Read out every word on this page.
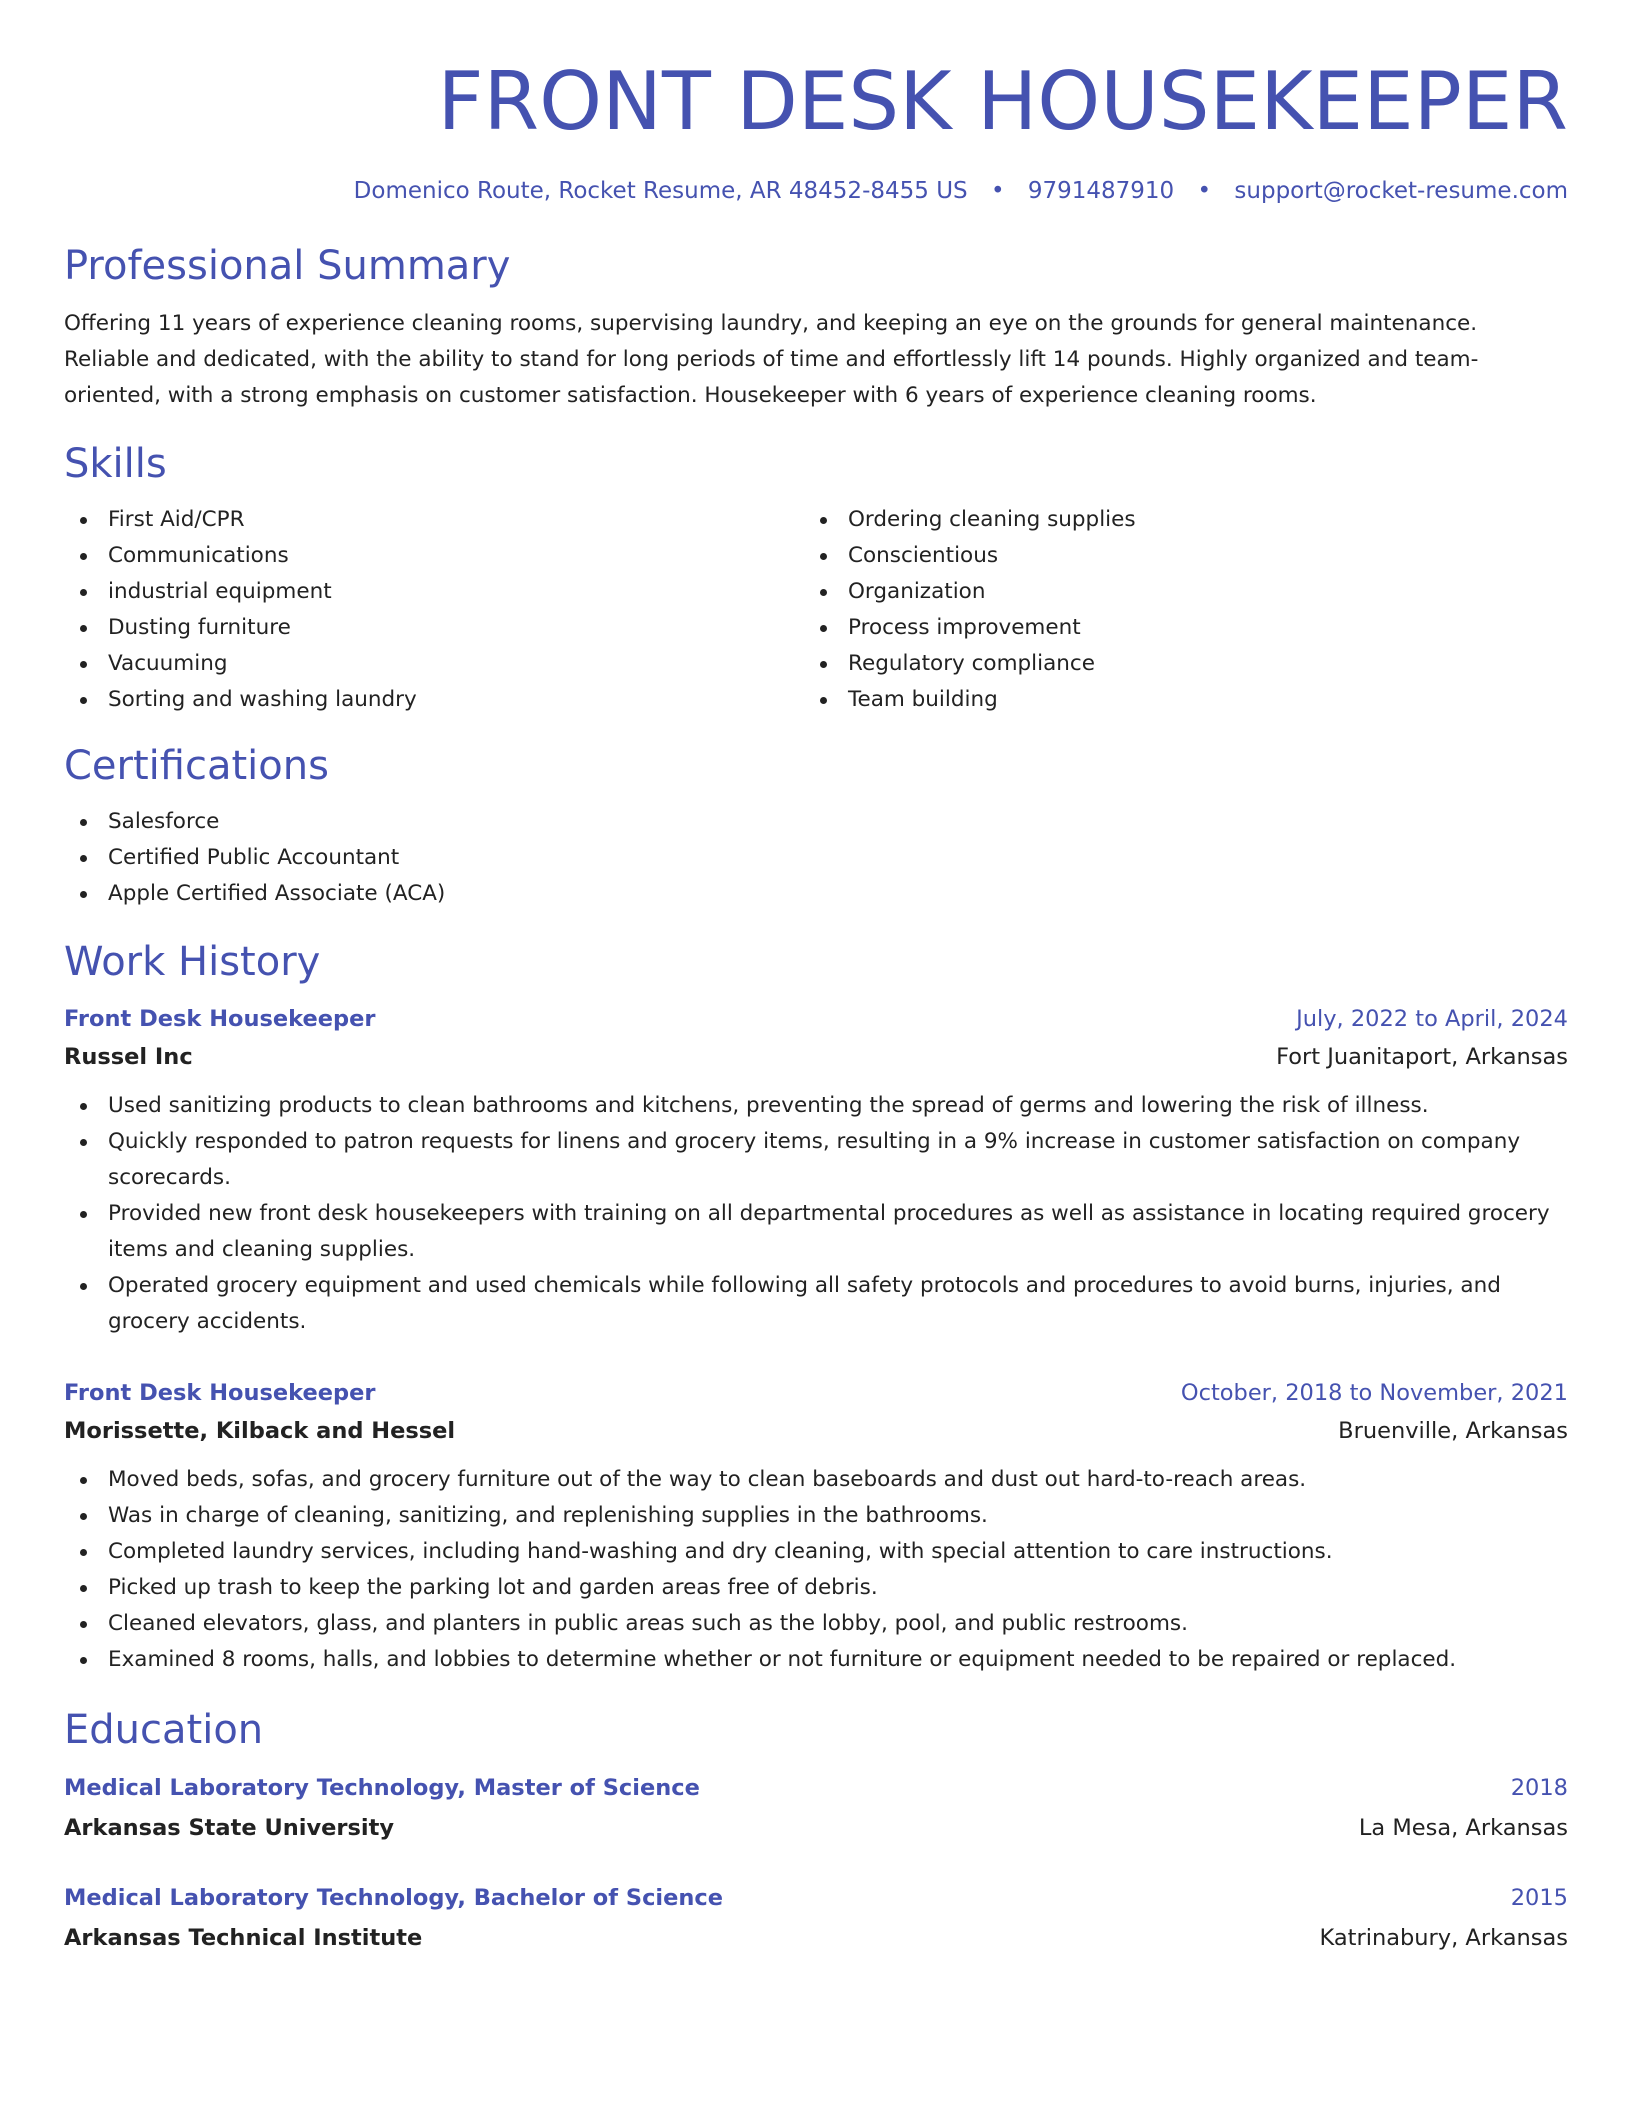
FRONT DESK HOUSEKEEPER
Domenico Route, Rocket Resume, AR 48452-8455 US • 9791487910 • support@rocket-resume.com
Professional Summary

Offering 11 years of experience cleaning rooms, supervising laundry, and keeping an eye on the grounds for general maintenance. Reliable and dedicated, with the ability to stand for long periods of time and effortlessly lift 14 pounds. Highly organized and team-oriented, with a strong emphasis on customer satisfaction. Housekeeper with 6 years of experience cleaning rooms.

Skills
First Aid/CPR
Communications
industrial equipment
Dusting furniture
Vacuuming
Sorting and washing laundry
Ordering cleaning supplies
Conscientious
Organization
Process improvement
Regulatory compliance
Team building
Certifications
Salesforce
Certified Public Accountant
Apple Certified Associate (ACA)
Work History
Front Desk Housekeeper	July, 2022 to April, 2024
Russel Inc	Fort Juanitaport, Arkansas
Used sanitizing products to clean bathrooms and kitchens, preventing the spread of germs and lowering the risk of illness.
Quickly responded to patron requests for linens and grocery items, resulting in a 9% increase in customer satisfaction on company scorecards.
Provided new front desk housekeepers with training on all departmental procedures as well as assistance in locating required grocery items and cleaning supplies.
Operated grocery equipment and used chemicals while following all safety protocols and procedures to avoid burns, injuries, and grocery accidents.
Front Desk Housekeeper	October, 2018 to November, 2021
Morissette, Kilback and Hessel	Bruenville, Arkansas
Moved beds, sofas, and grocery furniture out of the way to clean baseboards and dust out hard-to-reach areas.
Was in charge of cleaning, sanitizing, and replenishing supplies in the bathrooms.
Completed laundry services, including hand-washing and dry cleaning, with special attention to care instructions.
Picked up trash to keep the parking lot and garden areas free of debris.
Cleaned elevators, glass, and planters in public areas such as the lobby, pool, and public restrooms.
Examined 8 rooms, halls, and lobbies to determine whether or not furniture or equipment needed to be repaired or replaced.
Education
Medical Laboratory Technology, Master of Science	2018
Arkansas State University	La Mesa, Arkansas
Medical Laboratory Technology, Bachelor of Science	2015
Arkansas Technical Institute	Katrinabury, Arkansas
